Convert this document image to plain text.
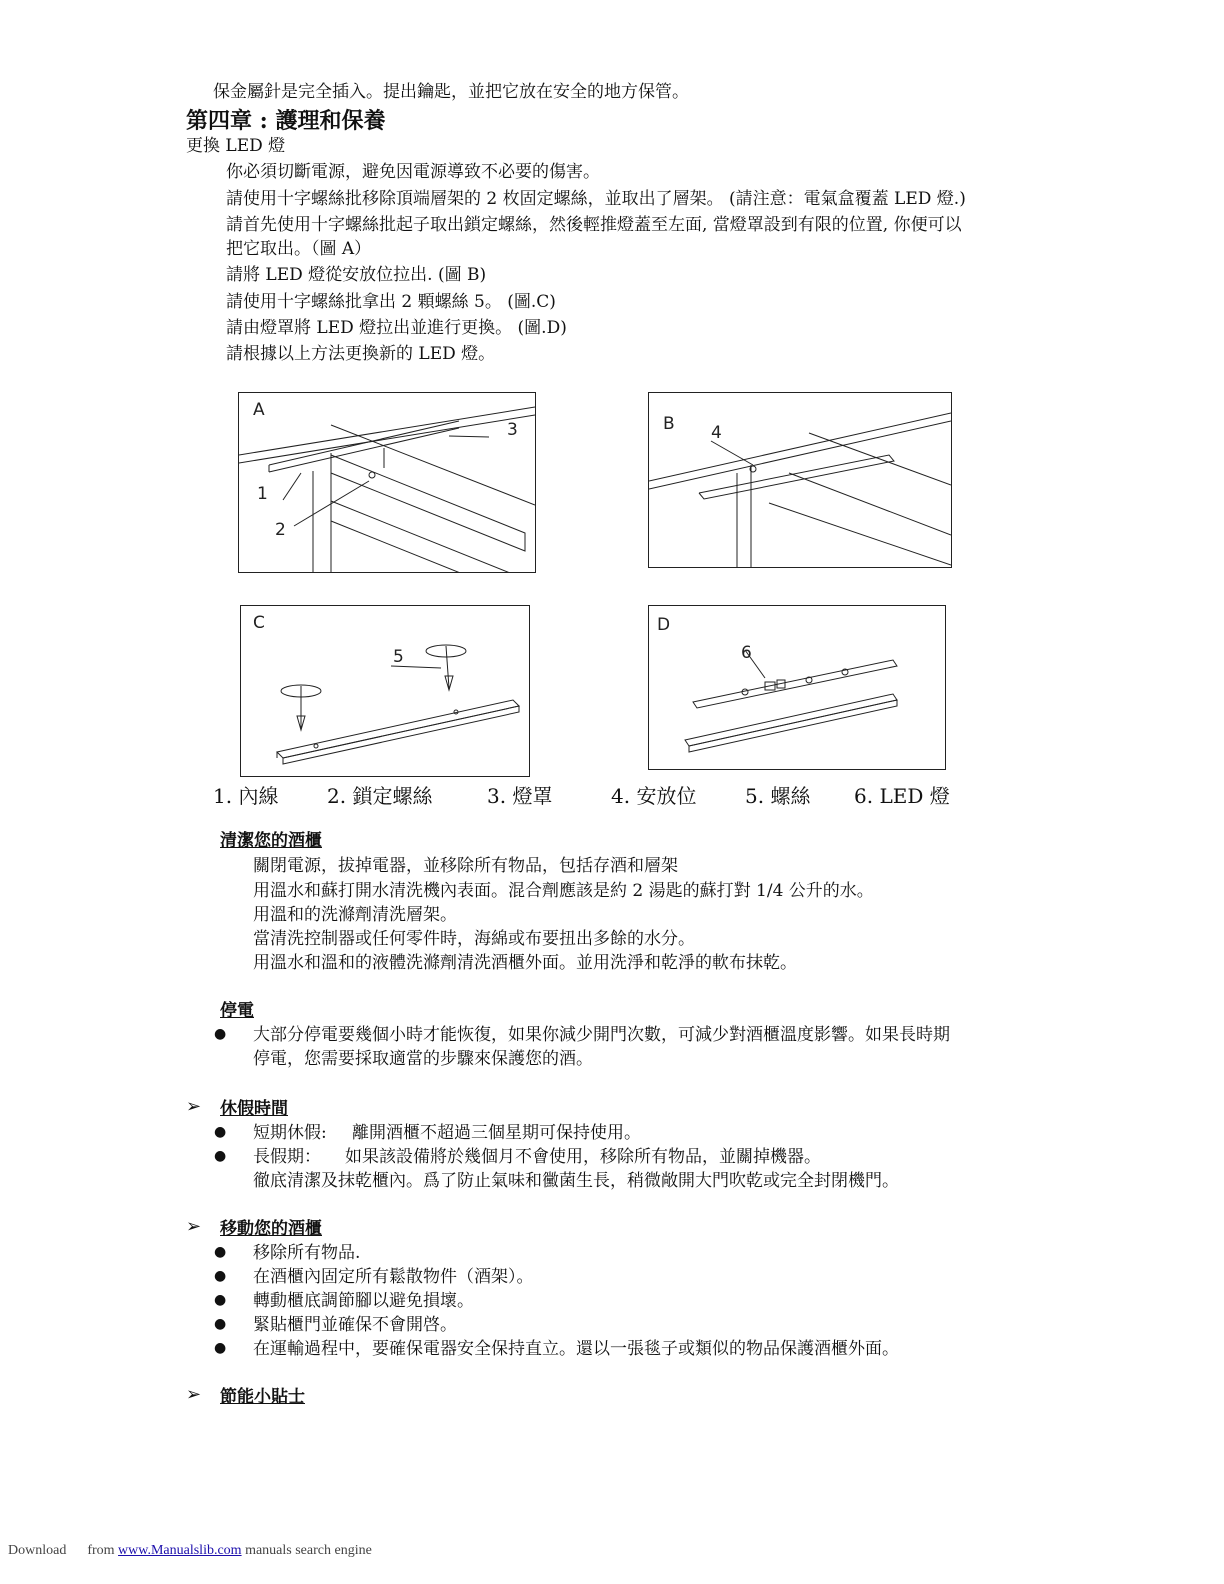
保金屬針是完全插入。提出鑰匙，並把它放在安全的地方保管。
第四章 : 護理和保養
更換 LED 燈
你必須切斷電源，避免因電源導致不必要的傷害。
請使用十字螺絲批移除頂端層架的 2 枚固定螺絲，並取出了層架。 (請注意：電氣盒覆蓋 LED 燈.)
請首先使用十字螺絲批起子取出鎖定螺絲，然後輕推燈蓋至左面, 當燈罩設到有限的位置, 你便可以
把它取出。（圖 A）
請將 LED 燈從安放位拉出. (圖 B)
請使用十字螺絲批拿出 2 顆螺絲 5。 (圖.C)
請由燈罩將 LED 燈拉出並進行更換。 (圖.D)
請根據以上方法更換新的 LED 燈。
A
1
2
3	B 4
C
5
D
6
1. 內線 2. 鎖定螺絲	3. 燈罩	4. 安放位 5. 螺絲 6. LED 燈
清潔您的酒櫃
關閉電源，拔掉電器，並移除所有物品，包括存酒和層架
用溫水和蘇打開水清洗機內表面。混合劑應該是約 2 湯匙的蘇打對 1/4 公升的水。
用溫和的洗滌劑清洗層架。
當清洗控制器或任何零件時，海綿或布要扭出多餘的水分。
用溫水和溫和的液體洗滌劑清洗酒櫃外面。並用洗淨和乾淨的軟布抹乾。
停電
● 大部分停電要幾個小時才能恢復，如果你減少開門次數，可減少對酒櫃溫度影響。如果長時期
停電，您需要採取適當的步驟來保護您的酒。
➢ 休假時間
● 短期休假: 離開酒櫃不超過三個星期可保持使用。
● 長假期： 如果該設備將於幾個月不會使用，移除所有物品，並關掉機器。
徹底清潔及抹乾櫃內。爲了防止氣味和黴菌生長，稍微敞開大門吹乾或完全封閉機門。
➢ 移動您的酒櫃
● 移除所有物品.
● 在酒櫃內固定所有鬆散物件（酒架）。
● 轉動櫃底調節腳以避免損壞。
● 緊貼櫃門並確保不會開啓。
● 在運輸過程中，要確保電器安全保持直立。還以一張毯子或類似的物品保護酒櫃外面。
➢ 節能小貼士
Download from www.Manualslib.com manuals search engine
